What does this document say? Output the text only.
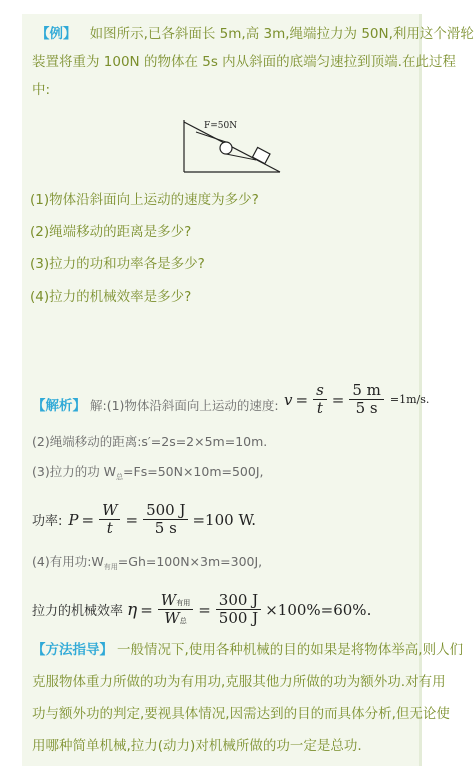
【例】 如图所示,已各斜面长 5m,高 3m,绳端拉力为 50N,利用这个滑轮
装置将重为 100N 的物体在 5s 内从斜面的底端匀速拉到顶端.在此过程
中:
F=50N
(1)物体沿斜面向上运动的速度为多少?
(2)绳端移动的距离是多少?
(3)拉力的功和功率各是多少?
(4)拉力的机械效率是多少?
【解析】 解:(1)物体沿斜面向上运动的速度: $v = \frac{s}{t} = \frac{5 m}{5 s} =1m/s$.
(2)绳端移动的距离:s′=2s=2×5m=10m.
(3)拉力的功 $W_总=Fs=50N\times 10m=500J$,
功率: $P = \frac{W}{t} = \frac{500 J}{5 s} =100$ W.
(4)有用功$:W_{有用}=Gh=100N\times 3m=300J$,
拉力的机械效率 $\eta = \frac{\text{W有用}}{\text{W总}} = \frac{300 J}{500 J} \times 100\%=60\%$.
【方法指导】 一般情况下,使用各种机械的目的如果是将物体举高,则人们
克服物体重力所做的功为有用功,克服其他力所做的功为额外功.对有用
功与额外功的判定,要视具体情况,因需达到的目的而具体分析,但无论使
用哪种简单机械,拉力(动力)对机械所做的功一定是总功.
